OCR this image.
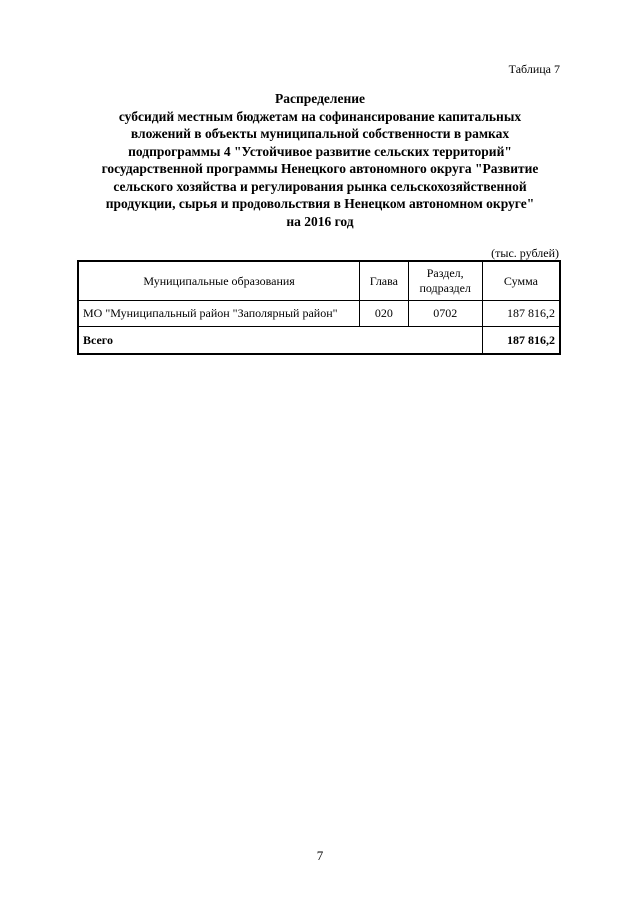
Таблица 7
Распределение
субсидий местным бюджетам на софинансирование капитальных
вложений в объекты муниципальной собственности в рамках
подпрограммы 4 "Устойчивое развитие сельских территорий"
государственной программы Ненецкого автономного округа "Развитие
сельского хозяйства и регулирования рынка сельскохозяйственной
продукции, сырья и продовольствия в Ненецком автономном округе"
на 2016 год
(тыс. рублей)
Муниципальные образования	Глава	Раздел, подраздел	Сумма
МО "Муниципальный район "Заполярный район"	020	0702	187 816,2
Всего			187 816,2
7
